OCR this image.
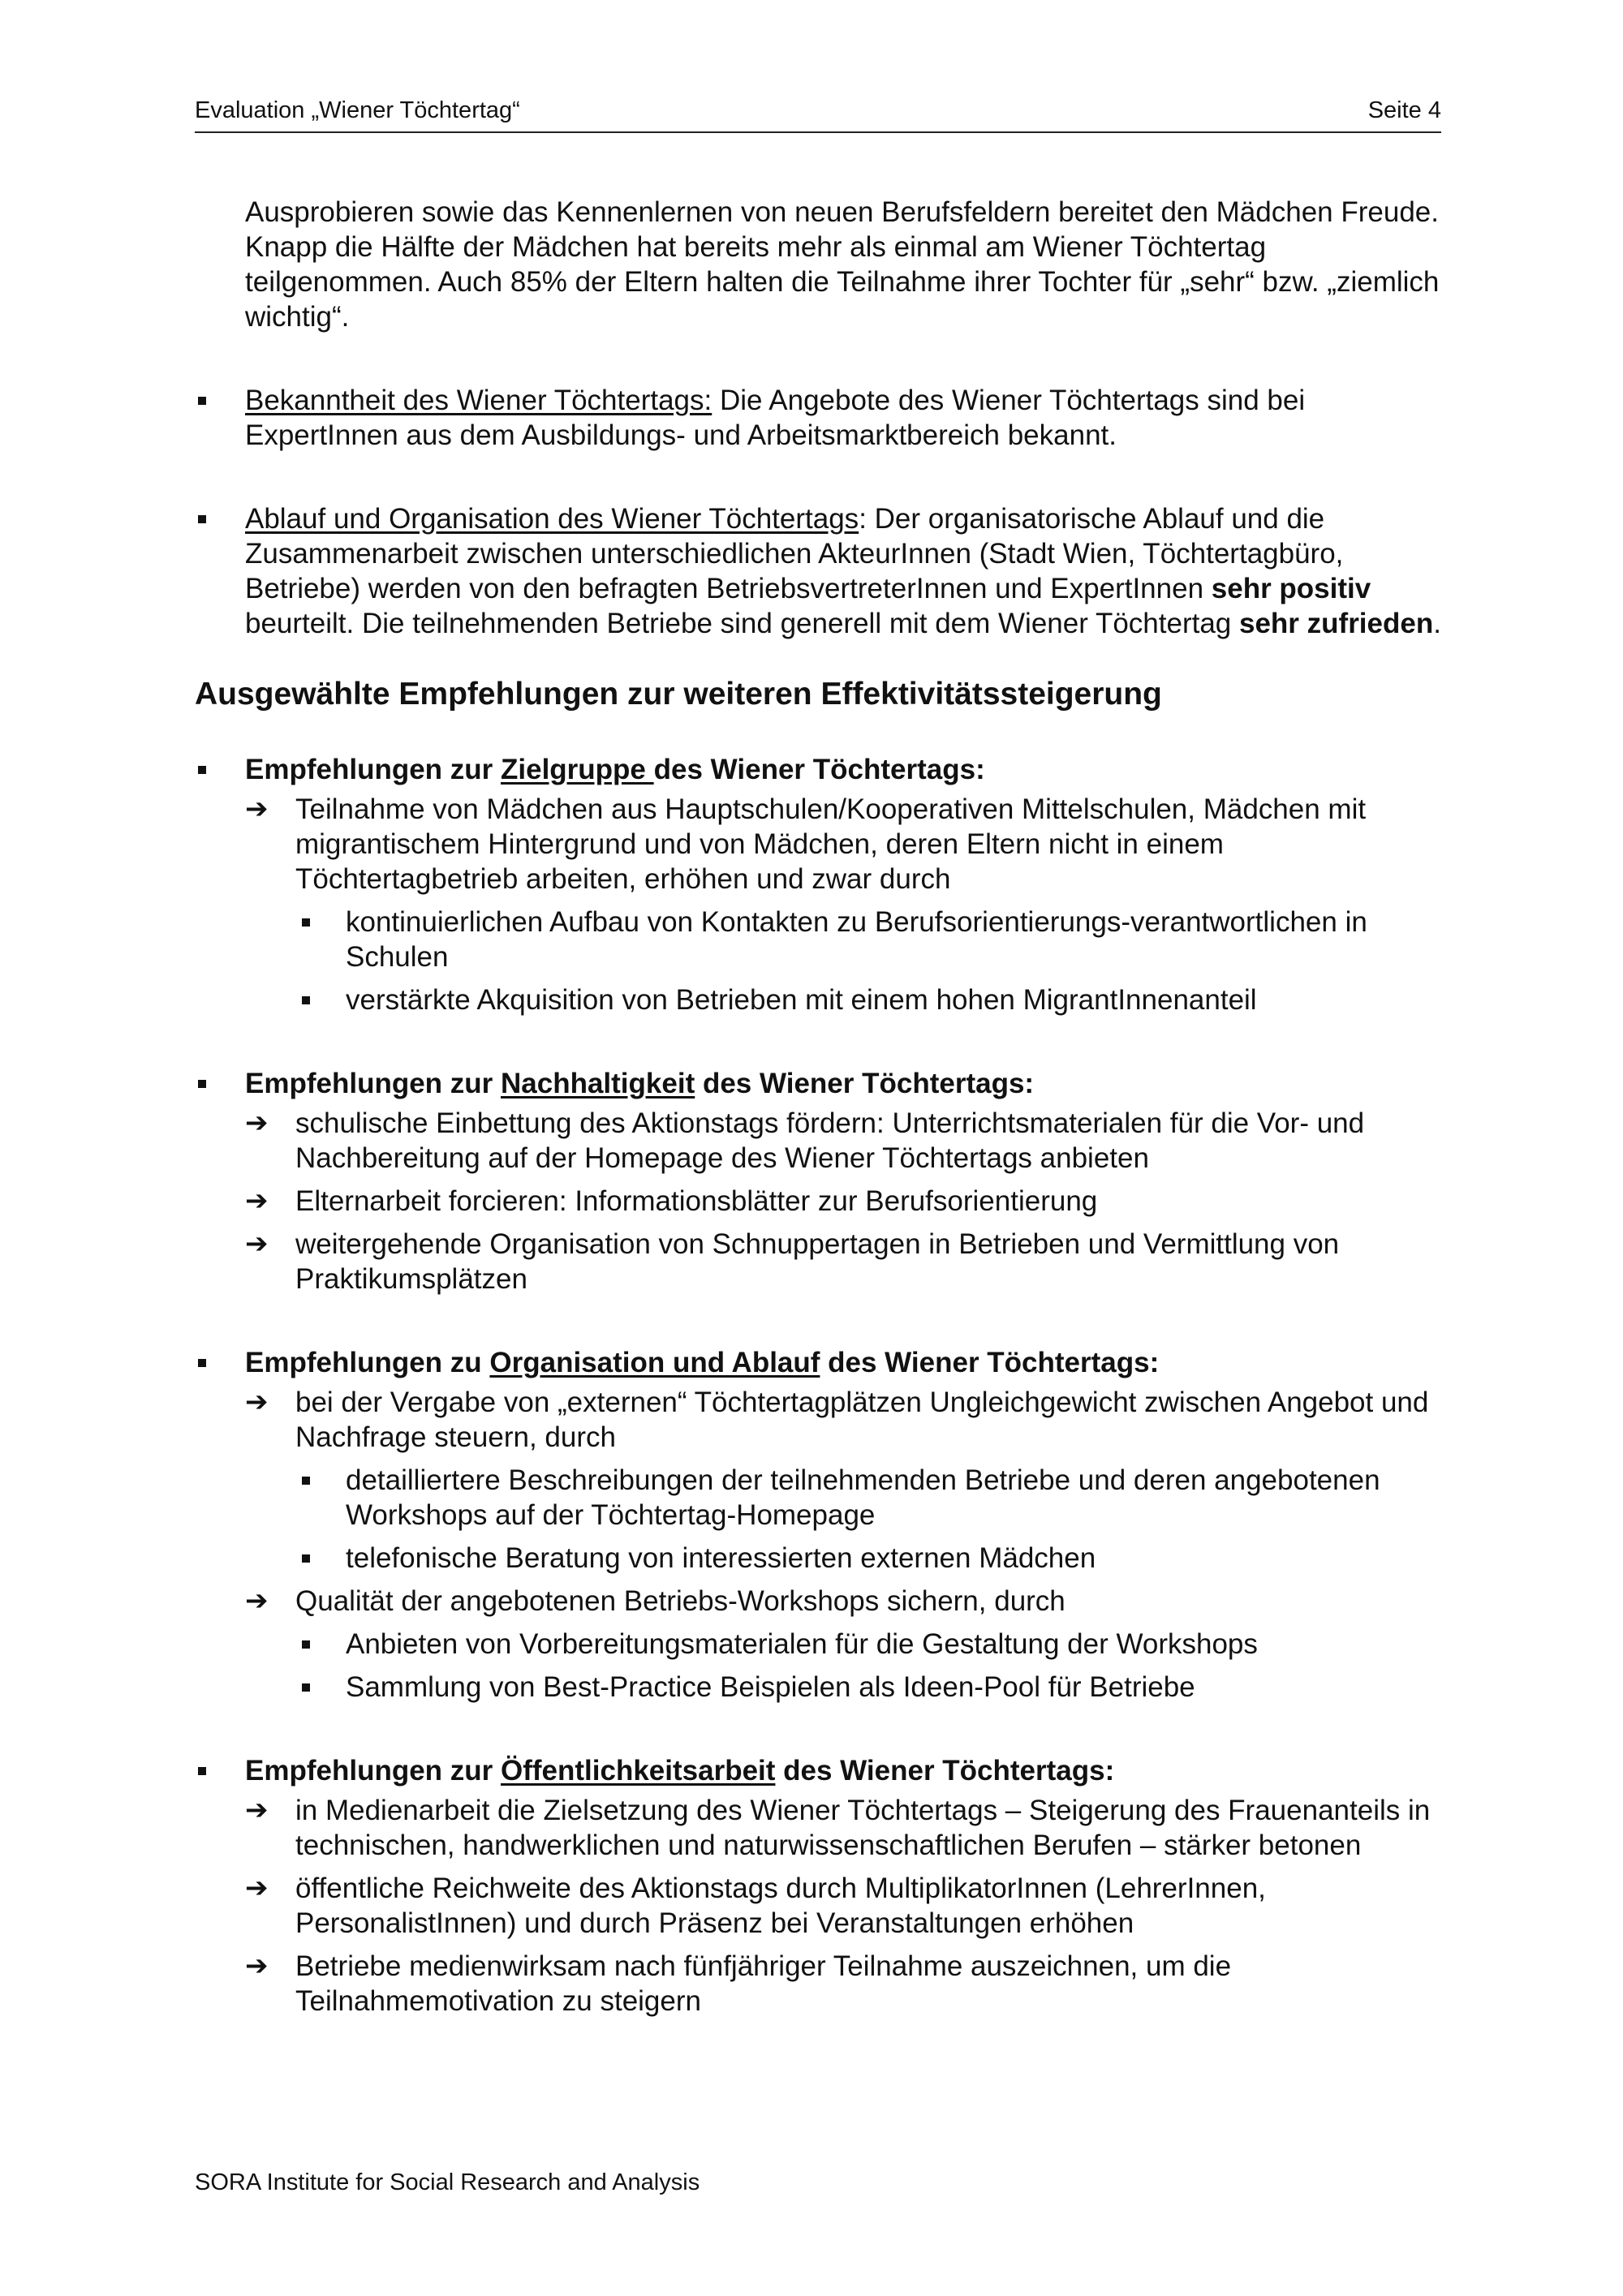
Evaluation „Wiener Töchtertag“	Seite 4
Ausprobieren sowie das Kennenlernen von neuen Berufsfeldern bereitet den Mädchen Freude. Knapp die Hälfte der Mädchen hat bereits mehr als einmal am Wiener Töchtertag teilgenommen. Auch 85% der Eltern halten die Teilnahme ihrer Tochter für „sehr“ bzw. „ziemlich wichtig“.
Bekanntheit des Wiener Töchtertags: Die Angebote des Wiener Töchtertags sind bei ExpertInnen aus dem Ausbildungs- und Arbeitsmarktbereich bekannt.
Ablauf und Organisation des Wiener Töchtertags: Der organisatorische Ablauf und die Zusammenarbeit zwischen unterschiedlichen AkteurInnen (Stadt Wien, Töchtertagbüro, Betriebe) werden von den befragten BetriebsvertreterInnen und ExpertInnen sehr positiv beurteilt. Die teilnehmenden Betriebe sind generell mit dem Wiener Töchtertag sehr zufrieden.
Ausgewählte Empfehlungen zur weiteren Effektivitätssteigerung
Empfehlungen zur Zielgruppe des Wiener Töchtertags:
➔ Teilnahme von Mädchen aus Hauptschulen/Kooperativen Mittelschulen, Mädchen mit migrantischem Hintergrund und von Mädchen, deren Eltern nicht in einem Töchtertagbetrieb arbeiten, erhöhen und zwar durch
kontinuierlichen Aufbau von Kontakten zu Berufsorientierungs-verantwortlichen in Schulen
verstärkte Akquisition von Betrieben mit einem hohen MigrantInnenanteil
Empfehlungen zur Nachhaltigkeit des Wiener Töchtertags:
➔ schulische Einbettung des Aktionstags fördern: Unterrichtsmaterialen für die Vor- und Nachbereitung auf der Homepage des Wiener Töchtertags anbieten
➔ Elternarbeit forcieren: Informationsblätter zur Berufsorientierung
➔ weitergehende Organisation von Schnuppertagen in Betrieben und Vermittlung von Praktikumsplätzen
Empfehlungen zu Organisation und Ablauf des Wiener Töchtertags:
➔ bei der Vergabe von „externen“ Töchtertagplätzen Ungleichgewicht zwischen Angebot und Nachfrage steuern, durch
detailliertere Beschreibungen der teilnehmenden Betriebe und deren angebotenen Workshops auf der Töchtertag-Homepage
telefonische Beratung von interessierten externen Mädchen
➔ Qualität der angebotenen Betriebs-Workshops sichern, durch
Anbieten von Vorbereitungsmaterialen für die Gestaltung der Workshops
Sammlung von Best-Practice Beispielen als Ideen-Pool für Betriebe
Empfehlungen zur Öffentlichkeitsarbeit des Wiener Töchtertags:
➔ in Medienarbeit die Zielsetzung des Wiener Töchtertags – Steigerung des Frauenanteils in technischen, handwerklichen und naturwissenschaftlichen Berufen – stärker betonen
➔ öffentliche Reichweite des Aktionstags durch MultiplikatorInnen (LehrerInnen, PersonalistInnen) und durch Präsenz bei Veranstaltungen erhöhen
➔ Betriebe medienwirksam nach fünfjähriger Teilnahme auszeichnen, um die Teilnahmemotivation zu steigern
SORA Institute for Social Research and Analysis
